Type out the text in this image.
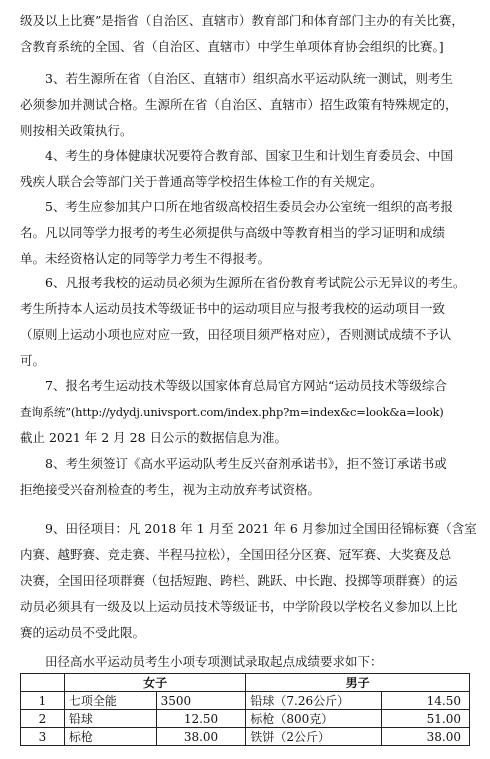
级及以上比赛”是指省（自治区、直辖市）教育部门和体育部门主办的有关比赛，
含教育系统的全国、省（自治区、直辖市）中学生单项体育协会组织的比赛。]
3、若生源所在省（自治区、直辖市）组织高水平运动队统一测试，则考生
必须参加并测试合格。生源所在省（自治区、直辖市）招生政策有特殊规定的，
则按相关政策执行。
4、考生的身体健康状况要符合教育部、国家卫生和计划生育委员会、中国
残疾人联合会等部门关于普通高等学校招生体检工作的有关规定。
5、考生应参加其户口所在地省级高校招生委员会办公室统一组织的高考报
名。凡以同等学力报考的考生必须提供与高级中等教育相当的学习证明和成绩
单。未经资格认定的同等学力考生不得报考。
6、凡报考我校的运动员必须为生源所在省份教育考试院公示无异议的考生。
考生所持本人运动员技术等级证书中的运动项目应与报考我校的运动项目一致
（原则上运动小项也应对应一致，田径项目须严格对应），否则测试成绩不予认
可。
7、报名考生运动技术等级以国家体育总局官方网站“运动员技术等级综合
查询系统”(http://ydydj.univsport.com/index.php?m=index&c=look&a=look)
截止 2021 年 2 月 28 日公示的数据信息为准。
8、考生须签订《高水平运动队考生反兴奋剂承诺书》，拒不签订承诺书或
拒绝接受兴奋剂检查的考生，视为主动放弃考试资格。
9、田径项目：凡 2018 年 1 月至 2021 年 6 月参加过全国田径锦标赛（含室
内赛、越野赛、竞走赛、半程马拉松），全国田径分区赛、冠军赛、大奖赛及总
决赛，全国田径项群赛（包括短跑、跨栏、跳跃、中长跑、投掷等项群赛）的运
动员必须具有一级及以上运动员技术等级证书，中学阶段以学校名义参加以上比
赛的运动员不受此限。
田径高水平运动员考生小项专项测试录取起点成绩要求如下：
	女子		男子	
1	七项全能	3500	铅球（7.26公斤）	14.50
2	铅球	12.50	标枪（800克）	51.00
3	标枪	38.00	铁饼（2公斤）	38.00
